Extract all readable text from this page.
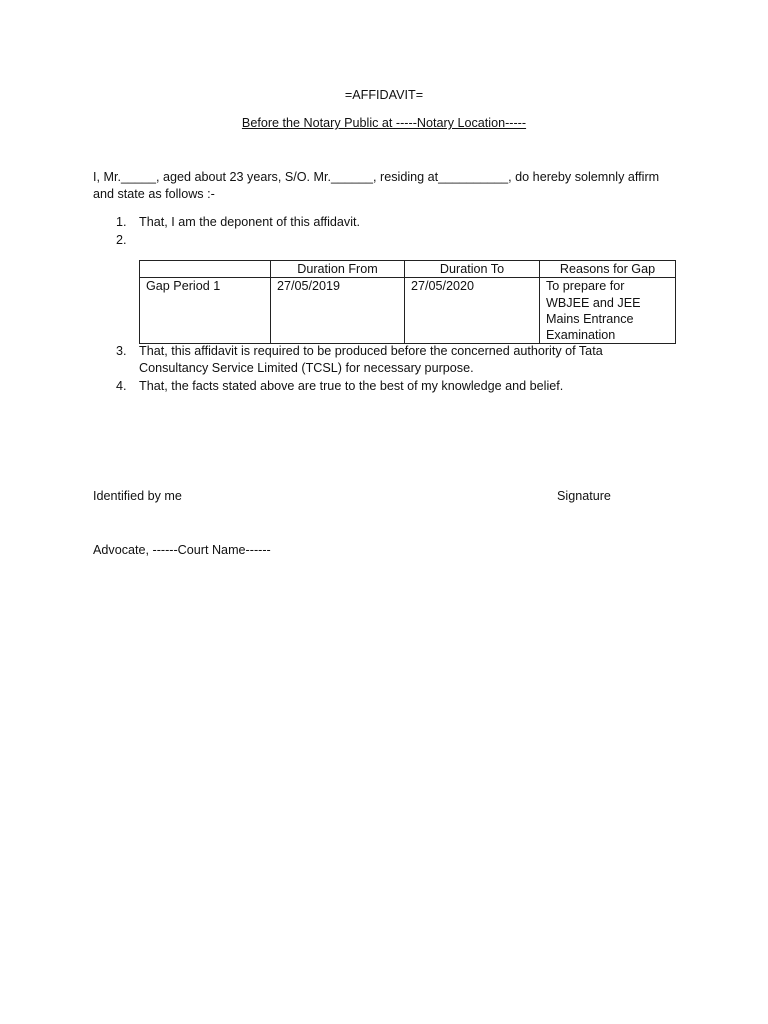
=AFFIDAVIT=
Before the Notary Public at -----Notary Location-----
I, Mr._____, aged about 23 years, S/O. Mr.______, residing at__________, do hereby solemnly affirm and state as follows :-
1. That, I am the deponent of this affidavit.
2.
	Duration From	Duration To	Reasons for Gap
Gap Period 1	27/05/2019	27/05/2020	To prepare for WBJEE and JEE Mains Entrance Examination
3. That, this affidavit is required to be produced before the concerned authority of Tata Consultancy Service Limited (TCSL) for necessary purpose.
4. That, the facts stated above are true to the best of my knowledge and belief.
Identified by me	Signature
Advocate, ------Court Name------
